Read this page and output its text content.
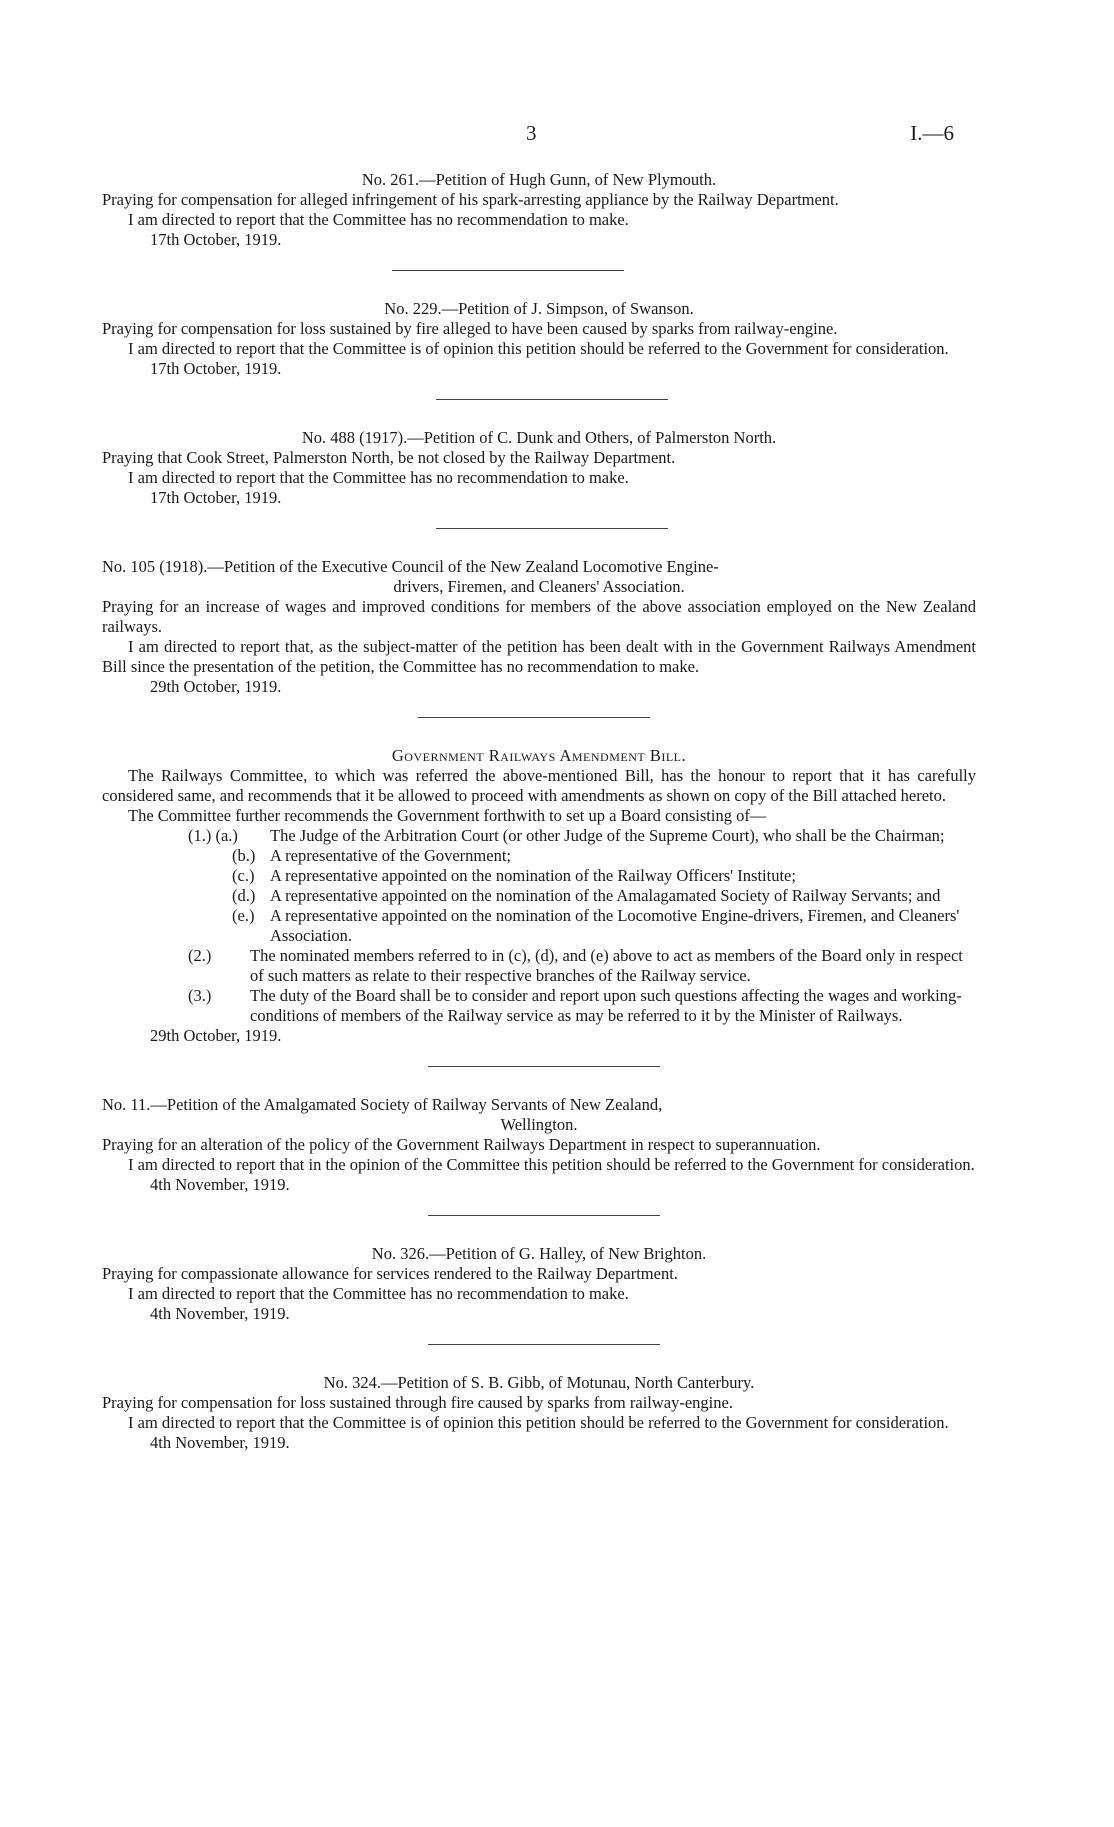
3	I.—6
No. 261.—Petition of Hugh Gunn, of New Plymouth.

Praying for compensation for alleged infringement of his spark-arresting appliance by the Railway Department.

I am directed to report that the Committee has no recommendation to make.

17th October, 1919.

No. 229.—Petition of J. Simpson, of Swanson.

Praying for compensation for loss sustained by fire alleged to have been caused by sparks from railway-engine.

I am directed to report that the Committee is of opinion this petition should be referred to the Government for consideration.

17th October, 1919.

No. 488 (1917).—Petition of C. Dunk and Others, of Palmerston North.

Praying that Cook Street, Palmerston North, be not closed by the Railway Department.

I am directed to report that the Committee has no recommendation to make.

17th October, 1919.

No. 105 (1918).—Petition of the Executive Council of the New Zealand Locomotive Engine-
drivers, Firemen, and Cleaners' Association.

Praying for an increase of wages and improved conditions for members of the above association employed on the New Zealand railways.

I am directed to report that, as the subject-matter of the petition has been dealt with in the Government Railways Amendment Bill since the presentation of the petition, the Committee has no recommendation to make.

29th October, 1919.

Government Railways Amendment Bill.

The Railways Committee, to which was referred the above-mentioned Bill, has the honour to report that it has carefully considered same, and recommends that it be allowed to proceed with amendments as shown on copy of the Bill attached hereto.

The Committee further recommends the Government forthwith to set up a Board consisting of—

(1.) (a.) The Judge of the Arbitration Court (or other Judge of the Supreme Court), who shall be the Chairman;

(b.) A representative of the Government;

(c.) A representative appointed on the nomination of the Railway Officers' Institute;

(d.) A representative appointed on the nomination of the Amalagamated Society of Railway Servants; and

(e.) A representative appointed on the nomination of the Locomotive Engine-drivers, Firemen, and Cleaners' Association.

(2.) The nominated members referred to in (c), (d), and (e) above to act as members of the Board only in respect of such matters as relate to their respective branches of the Railway service.

(3.) The duty of the Board shall be to consider and report upon such questions affecting the wages and working-conditions of members of the Railway service as may be referred to it by the Minister of Railways.

29th October, 1919.

No. 11.—Petition of the Amalgamated Society of Railway Servants of New Zealand,
Wellington.

Praying for an alteration of the policy of the Government Railways Department in respect to superannuation.

I am directed to report that in the opinion of the Committee this petition should be referred to the Government for consideration.

4th November, 1919.

No. 326.—Petition of G. Halley, of New Brighton.

Praying for compassionate allowance for services rendered to the Railway Department.

I am directed to report that the Committee has no recommendation to make.

4th November, 1919.

No. 324.—Petition of S. B. Gibb, of Motunau, North Canterbury.

Praying for compensation for loss sustained through fire caused by sparks from railway-engine.

I am directed to report that the Committee is of opinion this petition should be referred to the Government for consideration.

4th November, 1919.
